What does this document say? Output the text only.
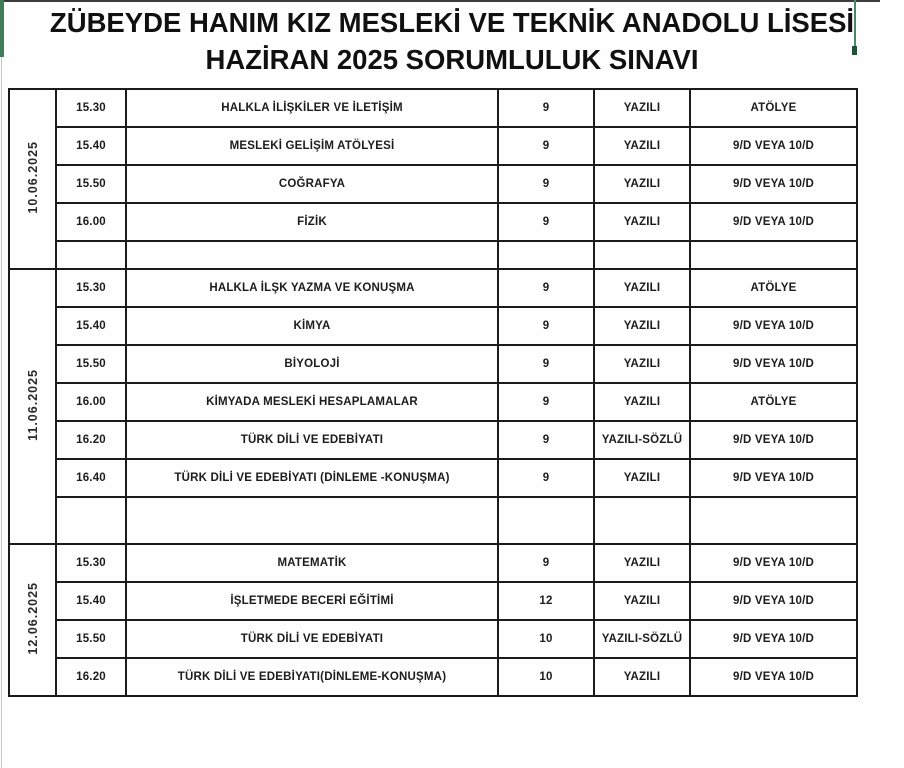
ZÜBEYDE HANIM KIZ MESLEKİ VE TEKNİK ANADOLU LİSESİ
HAZİRAN 2025 SORUMLULUK SINAVI
10.06.2025	15.30	HALKLA İLİŞKİLER VE İLETİŞİM	9	YAZILI	ATÖLYE
	15.40	MESLEKİ GELİŞİM ATÖLYESİ	9	YAZILI	9/D VEYA 10/D
	15.50	COĞRAFYA	9	YAZILI	9/D VEYA 10/D
	16.00	FİZİK	9	YAZILI	9/D VEYA 10/D

11.06.2025	15.30	HALKLA İLŞK YAZMA VE KONUŞMA	9	YAZILI	ATÖLYE
	15.40	KİMYA	9	YAZILI	9/D VEYA 10/D
	15.50	BİYOLOJİ	9	YAZILI	9/D VEYA 10/D
	16.00	KİMYADA MESLEKİ HESAPLAMALAR	9	YAZILI	ATÖLYE
	16.20	TÜRK DİLİ VE EDEBİYATI	9	YAZILI-SÖZLÜ	9/D VEYA 10/D
	16.40	TÜRK DİLİ VE EDEBİYATI (DİNLEME -KONUŞMA)	9	YAZILI	9/D VEYA 10/D

12.06.2025	15.30	MATEMATİK	9	YAZILI	9/D VEYA 10/D
	15.40	İŞLETMEDE BECERİ EĞİTİMİ	12	YAZILI	9/D VEYA 10/D
	15.50	TÜRK DİLİ VE EDEBİYATI	10	YAZILI-SÖZLÜ	9/D VEYA 10/D
	16.20	TÜRK DİLİ VE EDEBİYATI(DİNLEME-KONUŞMA)	10	YAZILI	9/D VEYA 10/D
